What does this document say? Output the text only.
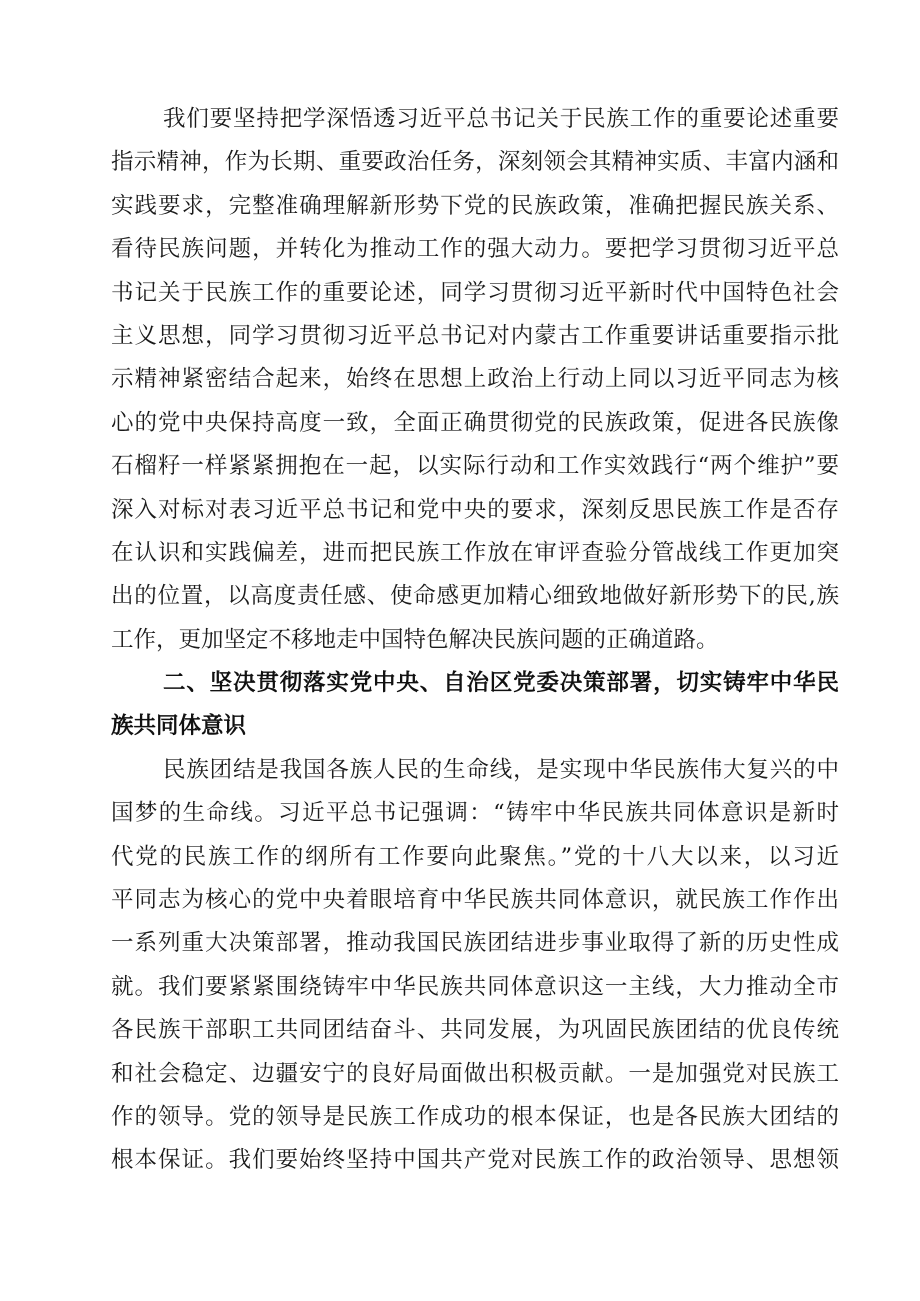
我们要坚持把学深悟透习近平总书记关于民族工作的重要论述重要
指示精神，作为长期、重要政治任务，深刻领会其精神实质、丰富内涵和
实践要求，完整准确理解新形势下党的民族政策，准确把握民族关系、
看待民族问题，并转化为推动工作的强大动力。要把学习贯彻习近平总
书记关于民族工作的重要论述，同学习贯彻习近平新时代中国特色社会
主义思想，同学习贯彻习近平总书记对内蒙古工作重要讲话重要指示批
示精神紧密结合起来，始终在思想上政治上行动上同以习近平同志为核
心的党中央保持高度一致，全面正确贯彻党的民族政策，促进各民族像
石榴籽一样紧紧拥抱在一起，以实际行动和工作实效践行“两个维护”要
深入对标对表习近平总书记和党中央的要求，深刻反思民族工作是否存
在认识和实践偏差，进而把民族工作放在审评查验分管战线工作更加突
出的位置，以高度责任感、使命感更加精心细致地做好新形势下的民,族
工作，更加坚定不移地走中国特色解决民族问题的正确道路。
二、坚决贯彻落实党中央、自治区党委决策部署，切实铸牢中华民
族共同体意识
民族团结是我国各族人民的生命线，是实现中华民族伟大复兴的中
国梦的生命线。习近平总书记强调：“铸牢中华民族共同体意识是新时
代党的民族工作的纲所有工作要向此聚焦。”党的十八大以来，以习近
平同志为核心的党中央着眼培育中华民族共同体意识，就民族工作作出
一系列重大决策部署，推动我国民族团结进步事业取得了新的历史性成
就。我们要紧紧围绕铸牢中华民族共同体意识这一主线，大力推动全市
各民族干部职工共同团结奋斗、共同发展，为巩固民族团结的优良传统
和社会稳定、边疆安宁的良好局面做出积极贡献。一是加强党对民族工
作的领导。党的领导是民族工作成功的根本保证，也是各民族大团结的
根本保证。我们要始终坚持中国共产党对民族工作的政治领导、思想领
